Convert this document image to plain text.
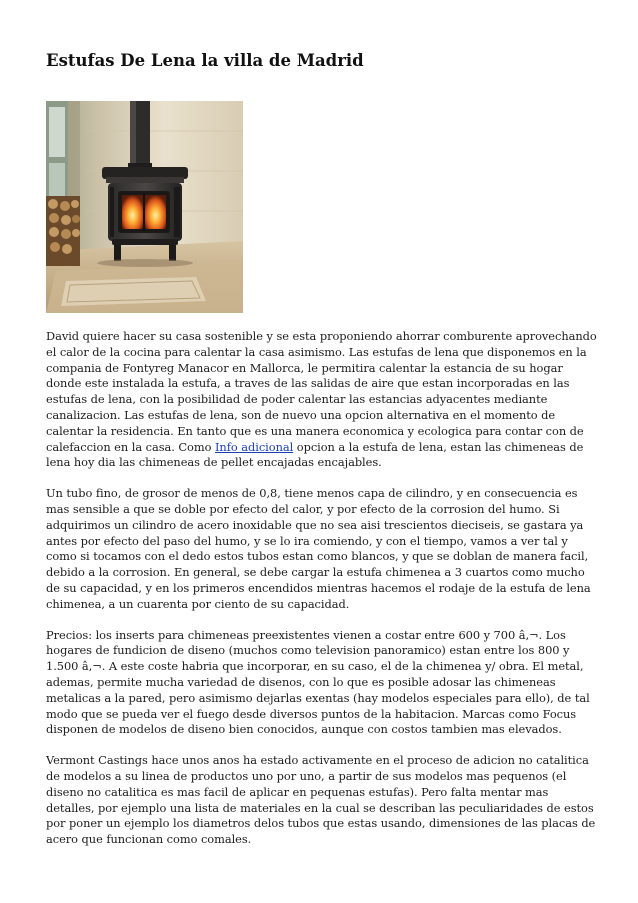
Estufas De Lena la villa de Madrid

David quiere hacer su casa sostenible y se esta proponiendo ahorrar comburente aprovechando el calor de la cocina para calentar la casa asimismo. Las estufas de lena que disponemos en la compania de Fontyreg Manacor en Mallorca, le permitira calentar la estancia de su hogar donde este instalada la estufa, a traves de las salidas de aire que estan incorporadas en las estufas de lena, con la posibilidad de poder calentar las estancias adyacentes mediante canalizacion. Las estufas de lena, son de nuevo una opcion alternativa en el momento de calentar la residencia. En tanto que es una manera economica y ecologica para contar con de calefaccion en la casa. Como Info adicional opcion a la estufa de lena, estan las chimeneas de lena hoy dia las chimeneas de pellet encajadas encajables.

Un tubo fino, de grosor de menos de 0,8, tiene menos capa de cilindro, y en consecuencia es mas sensible a que se doble por efecto del calor, y por efecto de la corrosion del humo. Si adquirimos un cilindro de acero inoxidable que no sea aisi trescientos dieciseis, se gastara ya antes por efecto del paso del humo, y se lo ira comiendo, y con el tiempo, vamos a ver tal y como si tocamos con el dedo estos tubos estan como blancos, y que se doblan de manera facil, debido a la corrosion. En general, se debe cargar la estufa chimenea a 3 cuartos como mucho de su capacidad, y en los primeros encendidos mientras hacemos el rodaje de la estufa de lena chimenea, a un cuarenta por ciento de su capacidad.

Precios: los inserts para chimeneas preexistentes vienen a costar entre 600 y 700 â‚¬. Los hogares de fundicion de diseno (muchos como television panoramico) estan entre los 800 y 1.500 â‚¬. A este coste habria que incorporar, en su caso, el de la chimenea y/ obra. El metal, ademas, permite mucha variedad de disenos, con lo que es posible adosar las chimeneas metalicas a la pared, pero asimismo dejarlas exentas (hay modelos especiales para ello), de tal modo que se pueda ver el fuego desde diversos puntos de la habitacion. Marcas como Focus disponen de modelos de diseno bien conocidos, aunque con costos tambien mas elevados.

Vermont Castings hace unos anos ha estado activamente en el proceso de adicion no catalitica de modelos a su linea de productos uno por uno, a partir de sus modelos mas pequenos (el diseno no catalitica es mas facil de aplicar en pequenas estufas). Pero falta mentar mas detalles, por ejemplo una lista de materiales en la cual se describan las peculiaridades de estos por poner un ejemplo los diametros delos tubos que estas usando, dimensiones de las placas de acero que funcionan como comales.
